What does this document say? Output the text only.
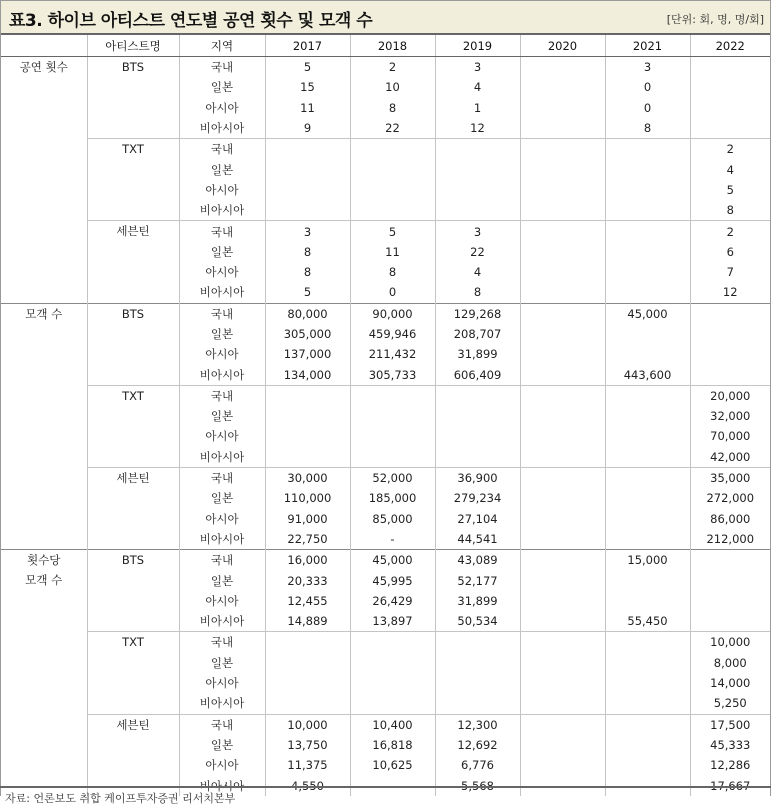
표3. 하이브 아티스트 연도별 공연 횟수 및 모객 수	[단위: 회, 명, 명/회]
	아티스트명	지역	2017	2018	2019	2020	2021	2022

공연 횟수	BTS	국내	5	2	3		3	
		일본	15	10	4		0	
		아시아	11	8	1		0	
		비아시아	9	22	12		8	
	TXT	국내						2
		일본						4
		아시아						5
		비아시아						8
	세븐틴	국내	3	5	3			2
		일본	8	11	22			6
		아시아	8	8	4			7
		비아시아	5	0	8			12

모객 수	BTS	국내	80,000	90,000	129,268		45,000	
		일본	305,000	459,946	208,707			
		아시아	137,000	211,432	31,899			
		비아시아	134,000	305,733	606,409		443,600	
	TXT	국내						20,000
		일본						32,000
		아시아						70,000
		비아시아						42,000
	세븐틴	국내	30,000	52,000	36,900			35,000
		일본	110,000	185,000	279,234			272,000
		아시아	91,000	85,000	27,104			86,000
		비아시아	22,750	-	44,541			212,000

횟수당 모객 수	BTS	국내	16,000	45,000	43,089		15,000	
		일본	20,333	45,995	52,177			
		아시아	12,455	26,429	31,899			
		비아시아	14,889	13,897	50,534		55,450	
	TXT	국내						10,000
		일본						8,000
		아시아						14,000
		비아시아						5,250
	세븐틴	국내	10,000	10,400	12,300			17,500
		일본	13,750	16,818	12,692			45,333
		아시아	11,375	10,625	6,776			12,286
		비아시아	4,550	-	5,568			17,667
자료: 언론보도 취합 케이프투자증권 리서치본부
